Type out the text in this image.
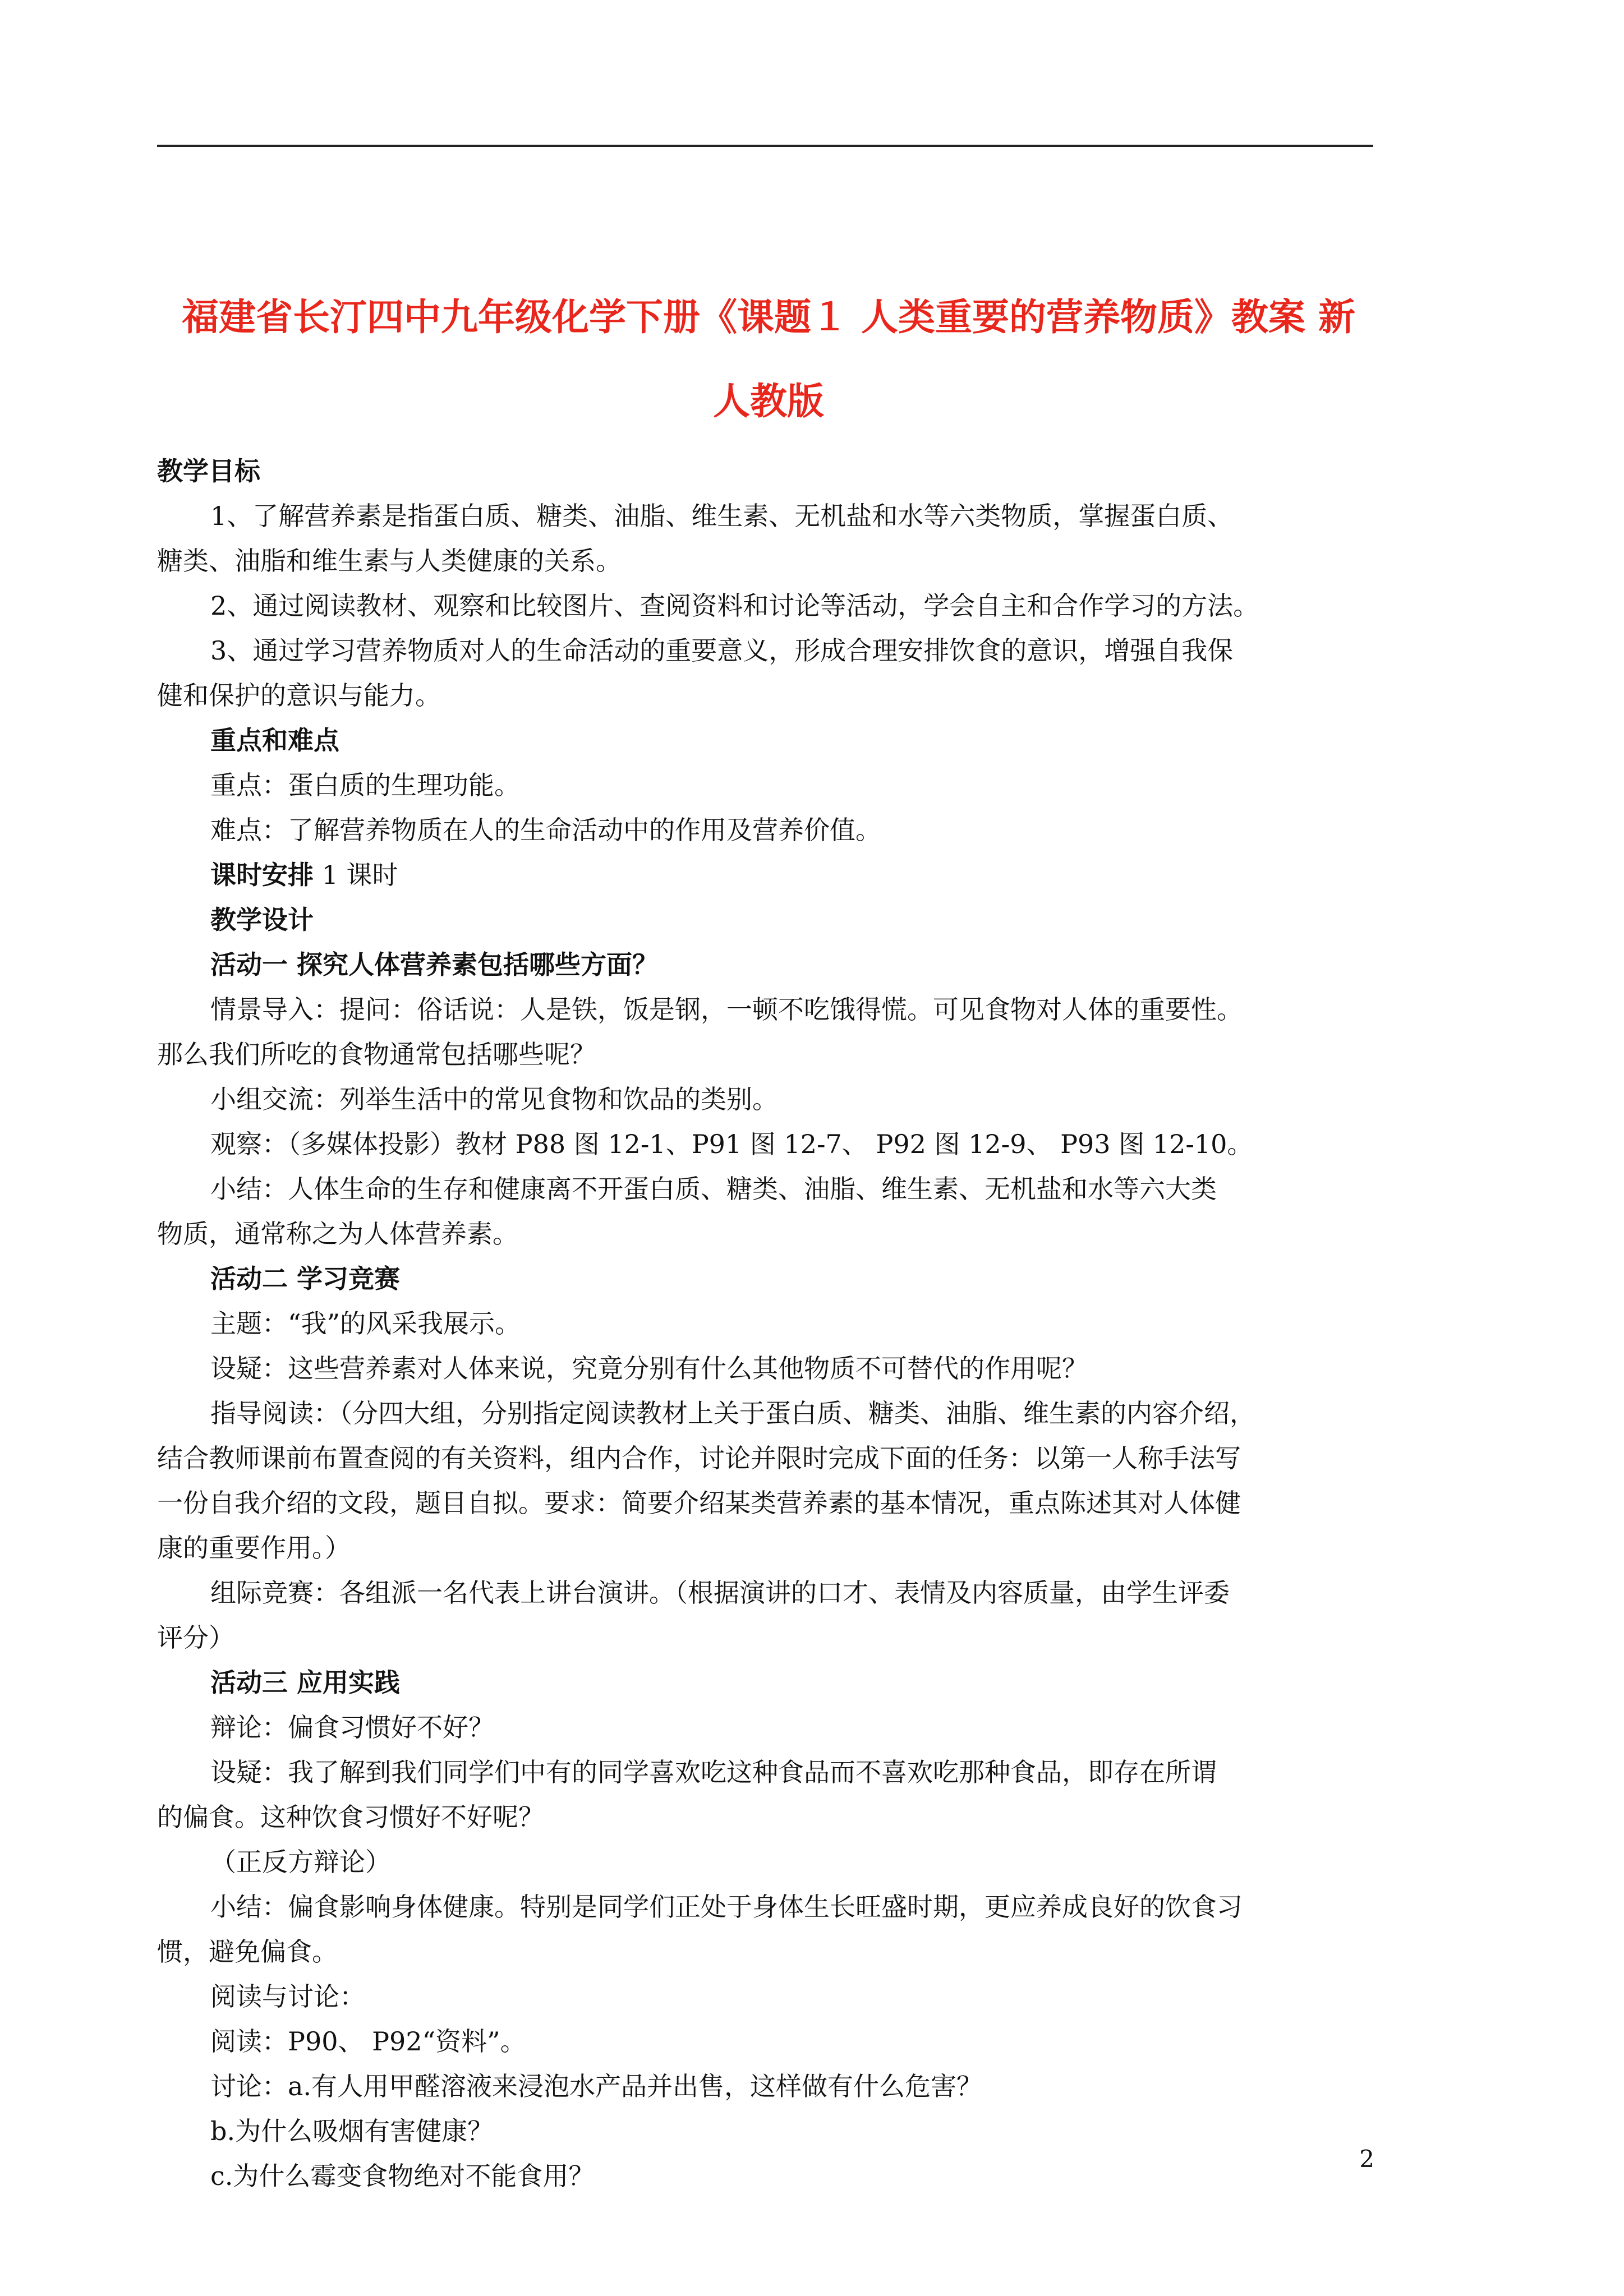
福建省长汀四中九年级化学下册《课题１ 人类重要的营养物质》教案 新
人教版
教学目标
1、了解营养素是指蛋白质、糖类、油脂、维生素、无机盐和水等六类物质，掌握蛋白质、
糖类、油脂和维生素与人类健康的关系。
2、通过阅读教材、观察和比较图片、查阅资料和讨论等活动，学会自主和合作学习的方法。
3、通过学习营养物质对人的生命活动的重要意义，形成合理安排饮食的意识，增强自我保
健和保护的意识与能力。
重点和难点
重点：蛋白质的生理功能。
难点：了解营养物质在人的生命活动中的作用及营养价值。
课时安排 1 课时
教学设计
活动一 探究人体营养素包括哪些方面？
情景导入：提问：俗话说：人是铁，饭是钢，一顿不吃饿得慌。可见食物对人体的重要性。
那么我们所吃的食物通常包括哪些呢？
小组交流：列举生活中的常见食物和饮品的类别。
观察：（多媒体投影）教材 P88 图 12-1、P91 图 12-7、 P92 图 12-9、 P93 图 12-10。
小结：人体生命的生存和健康离不开蛋白质、糖类、油脂、维生素、无机盐和水等六大类
物质，通常称之为人体营养素。
活动二 学习竞赛
主题：“我”的风采我展示。
设疑：这些营养素对人体来说，究竟分别有什么其他物质不可替代的作用呢？
指导阅读：（分四大组，分别指定阅读教材上关于蛋白质、糖类、油脂、维生素的内容介绍，
结合教师课前布置查阅的有关资料，组内合作，讨论并限时完成下面的任务：以第一人称手法写
一份自我介绍的文段，题目自拟。要求：简要介绍某类营养素的基本情况，重点陈述其对人体健
康的重要作用。）
组际竞赛：各组派一名代表上讲台演讲。（根据演讲的口才、表情及内容质量，由学生评委
评分）
活动三 应用实践
辩论：偏食习惯好不好？
设疑：我了解到我们同学们中有的同学喜欢吃这种食品而不喜欢吃那种食品，即存在所谓
的偏食。这种饮食习惯好不好呢？
（正反方辩论）
小结：偏食影响身体健康。特别是同学们正处于身体生长旺盛时期，更应养成良好的饮食习
惯，避免偏食。
阅读与讨论：
阅读：P90、 P92“资料”。
讨论：a.有人用甲醛溶液来浸泡水产品并出售，这样做有什么危害？
b.为什么吸烟有害健康？
c.为什么霉变食物绝对不能食用？
2
